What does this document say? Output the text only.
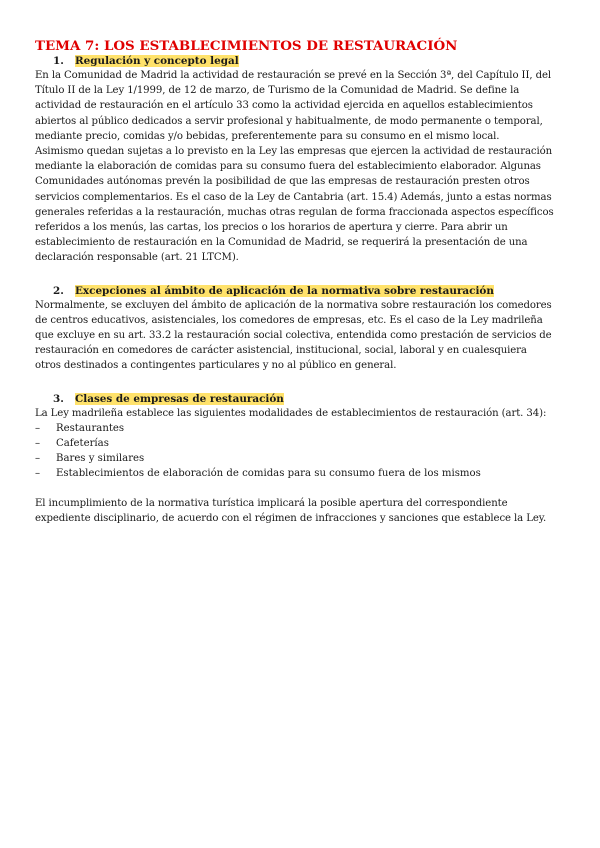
TEMA 7: LOS ESTABLECIMIENTOS DE RESTAURACIÓN
1. Regulación y concepto legal

En la Comunidad de Madrid la actividad de restauración se prevé en la Sección 3ª, del Capítulo II, del
Título II de la Ley 1/1999, de 12 de marzo, de Turismo de la Comunidad de Madrid. Se define la
actividad de restauración en el artículo 33 como la actividad ejercida en aquellos establecimientos
abiertos al público dedicados a servir profesional y habitualmente, de modo permanente o temporal,
mediante precio, comidas y/o bebidas, preferentemente para su consumo en el mismo local.
Asimismo quedan sujetas a lo previsto en la Ley las empresas que ejercen la actividad de restauración
mediante la elaboración de comidas para su consumo fuera del establecimiento elaborador. Algunas
Comunidades autónomas prevén la posibilidad de que las empresas de restauración presten otros
servicios complementarios. Es el caso de la Ley de Cantabria (art. 15.4) Además, junto a estas normas
generales referidas a la restauración, muchas otras regulan de forma fraccionada aspectos específicos
referidos a los menús, las cartas, los precios o los horarios de apertura y cierre. Para abrir un
establecimiento de restauración en la Comunidad de Madrid, se requerirá la presentación de una
declaración responsable (art. 21 LTCM).

2. Excepciones al ámbito de aplicación de la normativa sobre restauración

Normalmente, se excluyen del ámbito de aplicación de la normativa sobre restauración los comedores
de centros educativos, asistenciales, los comedores de empresas, etc. Es el caso de la Ley madrileña
que excluye en su art. 33.2 la restauración social colectiva, entendida como prestación de servicios de
restauración en comedores de carácter asistencial, institucional, social, laboral y en cualesquiera
otros destinados a contingentes particulares y no al público en general.

3. Clases de empresas de restauración

La Ley madrileña establece las siguientes modalidades de establecimientos de restauración (art. 34):

–	Restaurantes
–	Cafeterías
–	Bares y similares
–	Establecimientos de elaboración de comidas para su consumo fuera de los mismos

El incumplimiento de la normativa turística implicará la posible apertura del correspondiente
expediente disciplinario, de acuerdo con el régimen de infracciones y sanciones que establece la Ley.
